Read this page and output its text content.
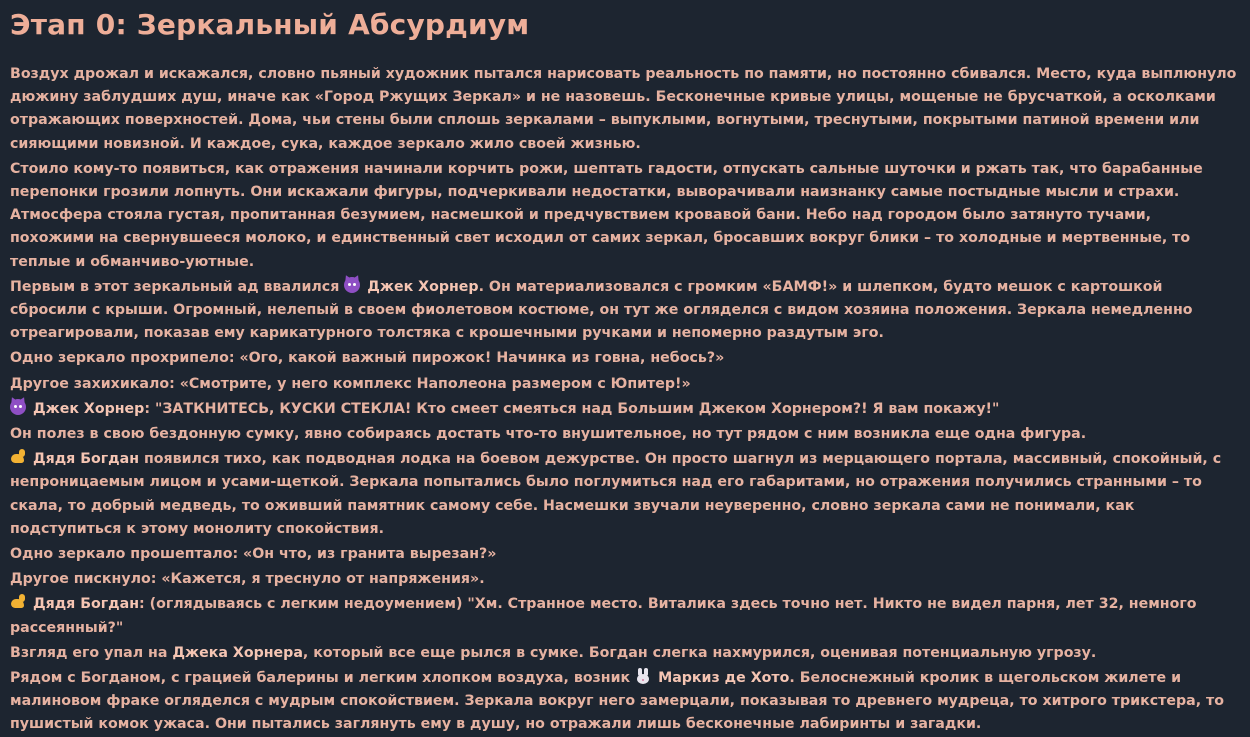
Этап 0: Зеркальный Абсурдиум

Воздух дрожал и искажался, словно пьяный художник пытался нарисовать реальность по памяти, но постоянно сбивался. Место, куда выплюнуло дюжину заблудших душ, иначе как «Город Ржущих Зеркал» и не назовешь. Бесконечные кривые улицы, мощеные не брусчаткой, а осколками отражающих поверхностей. Дома, чьи стены были сплошь зеркалами – выпуклыми, вогнутыми, треснутыми, покрытыми патиной времени или сияющими новизной. И каждое, сука, каждое зеркало жило своей жизнью.

Стоило кому-то появиться, как отражения начинали корчить рожи, шептать гадости, отпускать сальные шуточки и ржать так, что барабанные перепонки грозили лопнуть. Они искажали фигуры, подчеркивали недостатки, выворачивали наизнанку самые постыдные мысли и страхи. Атмосфера стояла густая, пропитанная безумием, насмешкой и предчувствием кровавой бани. Небо над городом было затянуто тучами, похожими на свернувшееся молоко, и единственный свет исходил от самих зеркал, бросавших вокруг блики – то холодные и мертвенные, то теплые и обманчиво-уютные.

Первым в этот зеркальный ад ввалился
Джек Хорнер. Он материализовался с громким «БАМФ!» и шлепком, будто мешок с картошкой сбросили с крыши. Огромный, нелепый в своем фиолетовом костюме, он тут же огляделся с видом хозяина положения. Зеркала немедленно отреагировали, показав ему карикатурного толстяка с крошечными ручками и непомерно раздутым эго.

Одно зеркало прохрипело: «Ого, какой важный пирожок! Начинка из говна, небось?»

Другое захихикало: «Смотрите, у него комплекс Наполеона размером с Юпитер!»

Джек Хорнер: "ЗАТКНИТЕСЬ, КУСКИ СТЕКЛА! Кто смеет смеяться над Большим Джеком Хорнером?! Я вам покажу!"

Он полез в свою бездонную сумку, явно собираясь достать что-то внушительное, но тут рядом с ним возникла еще одна фигура.

Дядя Богдан появился тихо, как подводная лодка на боевом дежурстве. Он просто шагнул из мерцающего портала, массивный, спокойный, с непроницаемым лицом и усами-щеткой. Зеркала попытались было поглумиться над его габаритами, но отражения получились странными – то скала, то добрый медведь, то оживший памятник самому себе. Насмешки звучали неуверенно, словно зеркала сами не понимали, как подступиться к этому монолиту спокойствия.

Одно зеркало прошептало: «Он что, из гранита вырезан?»

Другое пискнуло: «Кажется, я треснуло от напряжения».

Дядя Богдан: (оглядываясь с легким недоумением) "Хм. Странное место. Виталика здесь точно нет. Никто не видел парня, лет 32, немного рассеянный?"

Взгляд его упал на Джека Хорнера, который все еще рылся в сумке. Богдан слегка нахмурился, оценивая потенциальную угрозу.

Рядом с Богданом, с грацией балерины и легким хлопком воздуха, возник
Маркиз де Хото. Белоснежный кролик в щегольском жилете и малиновом фраке огляделся с мудрым спокойствием. Зеркала вокруг него замерцали, показывая то древнего мудреца, то хитрого трикстера, то пушистый комок ужаса. Они пытались заглянуть ему в душу, но отражали лишь бесконечные лабиринты и загадки.
